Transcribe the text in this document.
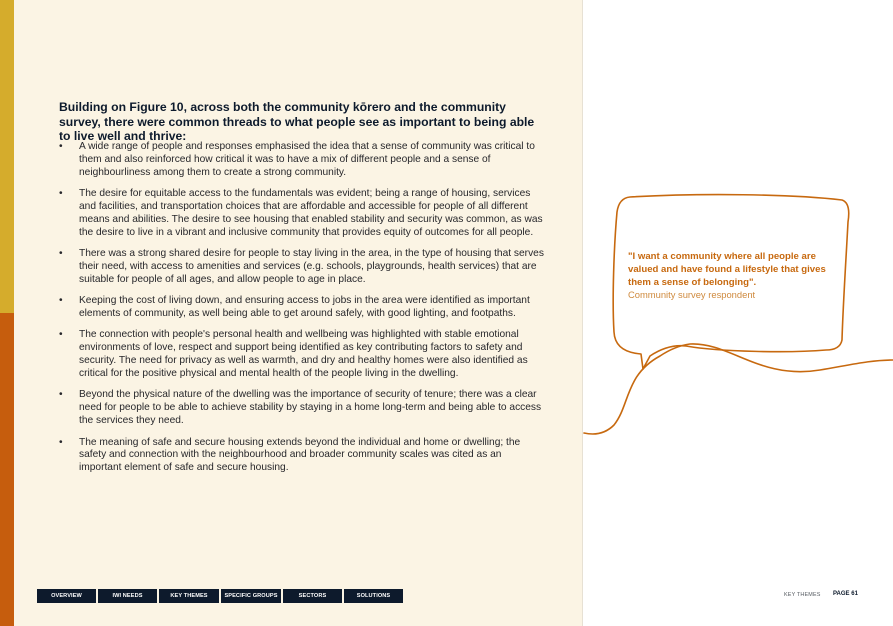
Building on Figure 10, across both the community kōrero and the community survey, there were common threads to what people see as important to being able to live well and thrive:

• A wide range of people and responses emphasised the idea that a sense of community was critical to them and also reinforced how critical it was to have a mix of different people and a sense of neighbourliness among them to create a strong community.
• The desire for equitable access to the fundamentals was evident; being a range of housing, services and facilities, and transportation choices that are affordable and accessible for people of all different means and abilities. The desire to see housing that enabled stability and security was common, as was the desire to live in a vibrant and inclusive community that provides equity of outcomes for all people.
• There was a strong shared desire for people to stay living in the area, in the type of housing that serves their need, with access to amenities and services (e.g. schools, playgrounds, health services) that are suitable for people of all ages, and allow people to age in place.
• Keeping the cost of living down, and ensuring access to jobs in the area were identified as important elements of community, as well being able to get around safely, with good lighting, and footpaths.
• The connection with people's personal health and wellbeing was highlighted with stable emotional environments of love, respect and support being identified as key contributing factors to safety and security. The need for privacy as well as warmth, and dry and healthy homes were also identified as critical for the positive physical and mental health of the people living in the dwelling.
• Beyond the physical nature of the dwelling was the importance of security of tenure; there was a clear need for people to be able to achieve stability by staying in a home long-term and being able to access the services they need.
• The meaning of safe and secure housing extends beyond the individual and home or dwelling; the safety and connection with the neighbourhood and broader community scales was cited as an important element of safe and secure housing.
OVERVIEW	IWI NEEDS	KEY THEMES	SPECIFIC GROUPS	SECTORS	SOLUTIONS

"I want a community where all people are valued and have found a lifestyle that gives them a sense of belonging".

Community survey respondent

KEY THEMES PAGE 61
